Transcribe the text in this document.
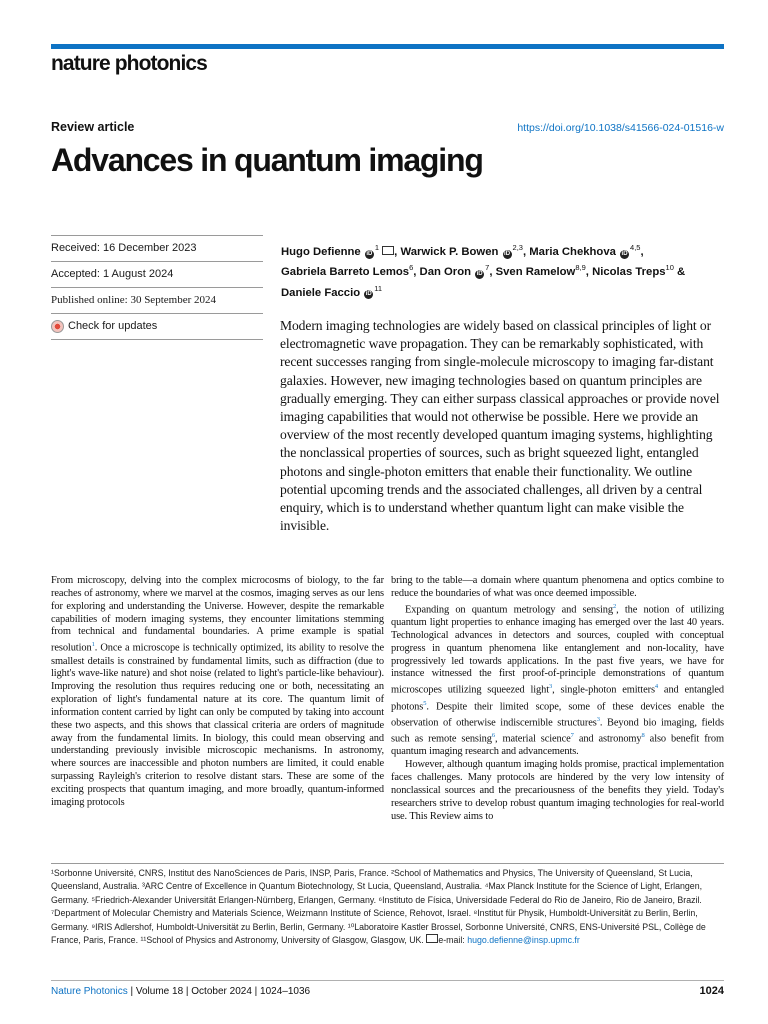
nature photonics
Review article	https://doi.org/10.1038/s41566-024-01516-w
Advances in quantum imaging
Received: 16 December 2023
Accepted: 1 August 2024
Published online: 30 September 2024
Check for updates
Hugo Defienne $iD^1$ , Warwick P. Bowen iD$^{2,3}$, Maria Chekhova iD$^{4,5}$,
Gabriela Barreto Lemos$^6$, Dan Oron $iD^7$, Sven Ramelow$^{8,9}$, Nicolas Treps$^{10}$ &
Daniele Faccio $iD^{11}$

Modern imaging technologies are widely based on classical principles of light or electromagnetic wave propagation. They can be remarkably sophisticated, with recent successes ranging from single-molecule microscopy to imaging far-distant galaxies. However, new imaging technologies based on quantum principles are gradually emerging. They can either surpass classical approaches or provide novel imaging capabilities that would not otherwise be possible. Here we provide an overview of the most recently developed quantum imaging systems, highlighting the nonclassical properties of sources, such as bright squeezed light, entangled photons and single-photon emitters that enable their functionality. We outline potential upcoming trends and the associated challenges, all driven by a central enquiry, which is to understand whether quantum light can make visible the invisible.

From microscopy, delving into the complex microcosms of biology, to the far reaches of astronomy, where we marvel at the cosmos, imaging serves as our lens for exploring and understanding the Universe. However, despite the remarkable capabilities of modern imaging systems, they encounter limitations stemming from technical and fundamental boundaries. A prime example is spatial resolution$^1$. Once a microscope is technically optimized, its ability to resolve the smallest details is constrained by fundamental limits, such as diffraction (due to light's wave-like nature) and shot noise (related to light's particle-like behaviour). Improving the resolution thus requires reducing one or both, necessitating an exploration of light's fundamental nature at its core. The quantum limit of information content carried by light can only be computed by taking into account these two aspects, and this shows that classical criteria are orders of magnitude away from the fundamental limits. In biology, this could mean observing and understanding previously invisible microscopic mechanisms. In astronomy, where sources are inaccessible and photon numbers are limited, it could enable surpassing Rayleigh's criterion to resolve distant stars. These are some of the exciting prospects that quantum imaging, and more broadly, quantum-informed imaging protocols

bring to the table—a domain where quantum phenomena and optics combine to reduce the boundaries of what was once deemed impossible.

Expanding on quantum metrology and sensing$^2$, the notion of utilizing quantum light properties to enhance imaging has emerged over the last 40 years. Technological advances in detectors and sources, coupled with conceptual progress in quantum phenomena like entanglement and non-locality, have progressively led towards applications. In the past five years, we have for instance witnessed the first proof-of-principle demonstrations of quantum microscopes utilizing squeezed light$^3$, single-photon emitters$^4$ and entangled photons$^5$. Despite their limited scope, some of these devices enable the observation of otherwise indiscernible structures$^3$. Beyond bio imaging, fields such as remote sensing$^6$, material science$^7$ and astronomy$^8$ also benefit from quantum imaging research and advancements.

However, although quantum imaging holds promise, practical implementation faces challenges. Many protocols are hindered by the very low intensity of nonclassical sources and the precariousness of the benefits they yield. Today's researchers strive to develop robust quantum imaging technologies for real-world use. This Review aims to

¹Sorbonne Université, CNRS, Institut des NanoSciences de Paris, INSP, Paris, France. ²School of Mathematics and Physics, The University of Queensland, St Lucia, Queensland, Australia. ³ARC Centre of Excellence in Quantum Biotechnology, St Lucia, Queensland, Australia. ⁴Max Planck Institute for the Science of Light, Erlangen, Germany. ⁵Friedrich-Alexander Universität Erlangen-Nürnberg, Erlangen, Germany. ⁶Instituto de Física, Universidade Federal do Rio de Janeiro, Rio de Janeiro, Brazil. ⁷Department of Molecular Chemistry and Materials Science, Weizmann Institute of Science, Rehovot, Israel. ⁸Institut für Physik, Humboldt-Universität zu Berlin, Berlin, Germany. ⁹IRIS Adlershof, Humboldt-Universität zu Berlin, Berlin, Germany. ¹⁰Laboratoire Kastler Brossel, Sorbonne Université, CNRS, ENS-Université PSL, Collège de France, Paris, France. ¹¹School of Physics and Astronomy, University of Glasgow, Glasgow, UK. e-mail: hugo.defienne@insp.upmc.fr

Nature Photonics | Volume 18 | October 2024 | 1024–1036	1024
